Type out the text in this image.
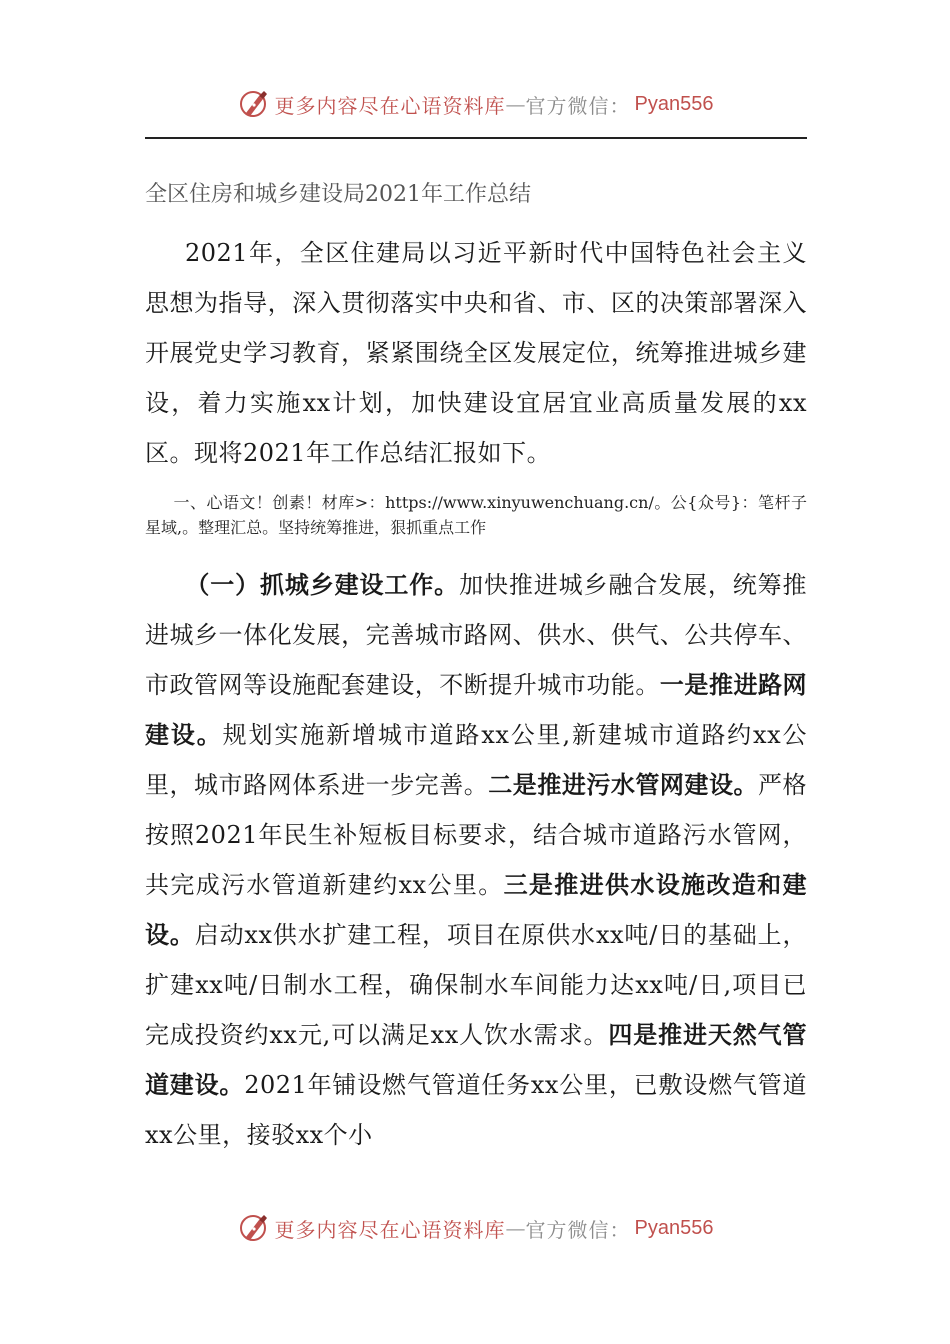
更多内容尽在心语资料库 — 官方微信： Pyan556

全区住房和城乡建设局2021年工作总结

2021年，全区住建局以习近平新时代中国特色社会主义思想为指导，深入贯彻落实中央和省、市、区的决策部署深入开展党史学习教育，紧紧围绕全区发展定位，统筹推进城乡建设，着力实施xx计划，加快建设宜居宜业高质量发展的xx区。现将2021年工作总结汇报如下。

一、心语文！创素！材库>：https://www.xinyuwenchuang.cn/。公{众号}：笔杆子星域,。整理汇总。坚持统筹推进，狠抓重点工作

（一）抓城乡建设工作。加快推进城乡融合发展，统筹推进城乡一体化发展，完善城市路网、供水、供气、公共停车、市政管网等设施配套建设，不断提升城市功能。一是推进路网建设。规划实施新增城市道路xx公里,新建城市道路约xx公里，城市路网体系进一步完善。二是推进污水管网建设。严格按照2021年民生补短板目标要求，结合城市道路污水管网，共完成污水管道新建约xx公里。三是推进供水设施改造和建设。启动xx供水扩建工程，项目在原供水xx吨/日的基础上，扩建xx吨/日制水工程，确保制水车间能力达xx吨/日,项目已完成投资约xx元,可以满足xx人饮水需求。四是推进天然气管道建设。2021年铺设燃气管道任务xx公里，已敷设燃气管道xx公里，接驳xx个小

更多内容尽在心语资料库 — 官方微信： Pyan556
